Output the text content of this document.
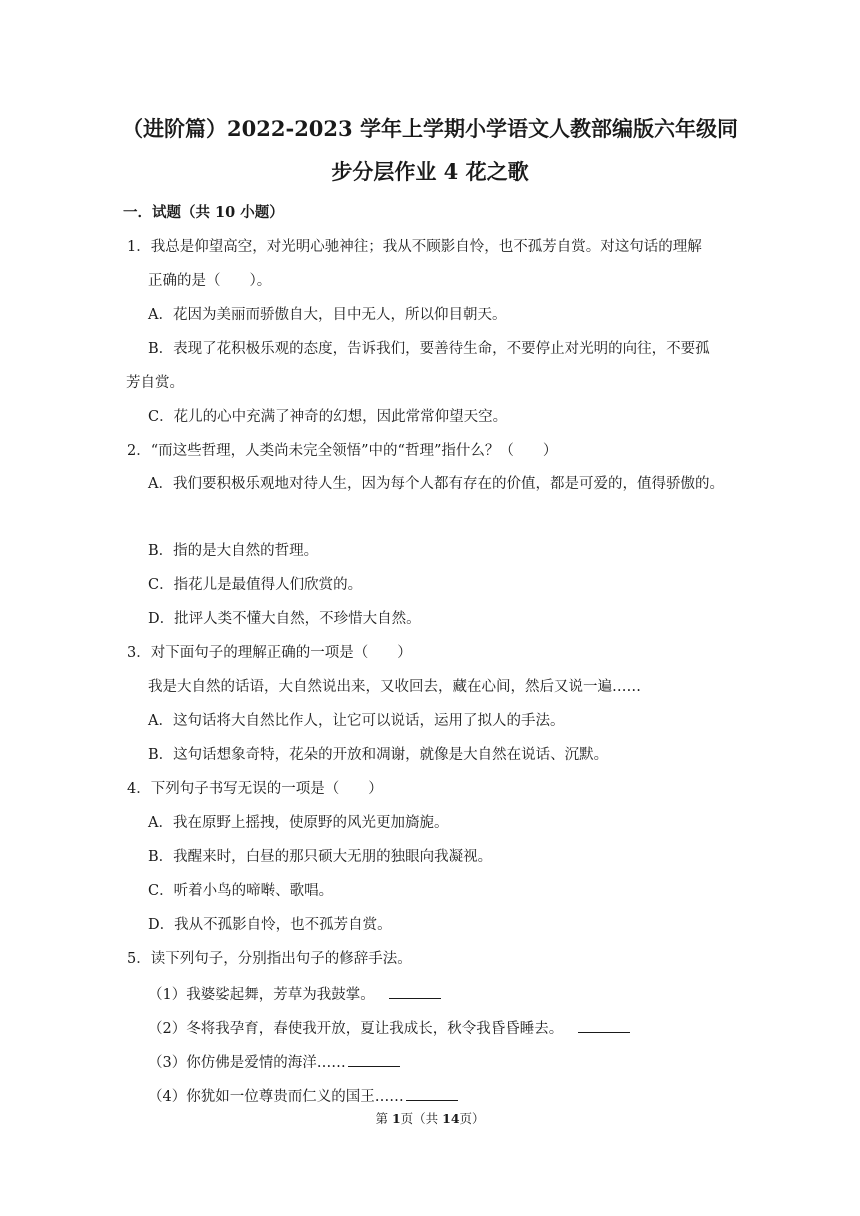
（进阶篇）2022-2023 学年上学期小学语文人教部编版六年级同
步分层作业 4 花之歌
一．试题（共 10 小题）
1．我总是仰望高空，对光明心驰神往；我从不顾影自怜，也不孤芳自赏。对这句话的理解
正确的是（　　）。
A．花因为美丽而骄傲自大，目中无人，所以仰目朝天。
B．表现了花积极乐观的态度，告诉我们，要善待生命，不要停止对光明的向往，不要孤
芳自赏。
C．花儿的心中充满了神奇的幻想，因此常常仰望天空。
2．“而这些哲理，人类尚未完全领悟”中的“哲理”指什么？（　　）
A．我们要积极乐观地对待人生，因为每个人都有存在的价值，都是可爱的，值得骄傲的。
B．指的是大自然的哲理。
C．指花儿是最值得人们欣赏的。
D．批评人类不懂大自然，不珍惜大自然。
3．对下面句子的理解正确的一项是（　　）
我是大自然的话语，大自然说出来，又收回去，藏在心间，然后又说一遍……
A．这句话将大自然比作人，让它可以说话，运用了拟人的手法。
B．这句话想象奇特，花朵的开放和凋谢，就像是大自然在说话、沉默。
4．下列句子书写无误的一项是（　　）
A．我在原野上摇拽，使原野的风光更加旖旎。
B．我醒来时，白昼的那只硕大无朋的独眼向我凝视。
C．听着小鸟的啼啭、歌唱。
D．我从不孤影自怜，也不孤芳自赏。
5．读下列句子，分别指出句子的修辞手法。
（1）我婆娑起舞，芳草为我鼓掌。
（2）冬将我孕育，春使我开放，夏让我成长，秋令我昏昏睡去。
（3）你仿佛是爱情的海洋……
（4）你犹如一位尊贵而仁义的国王……
第 1页（共 14页）
